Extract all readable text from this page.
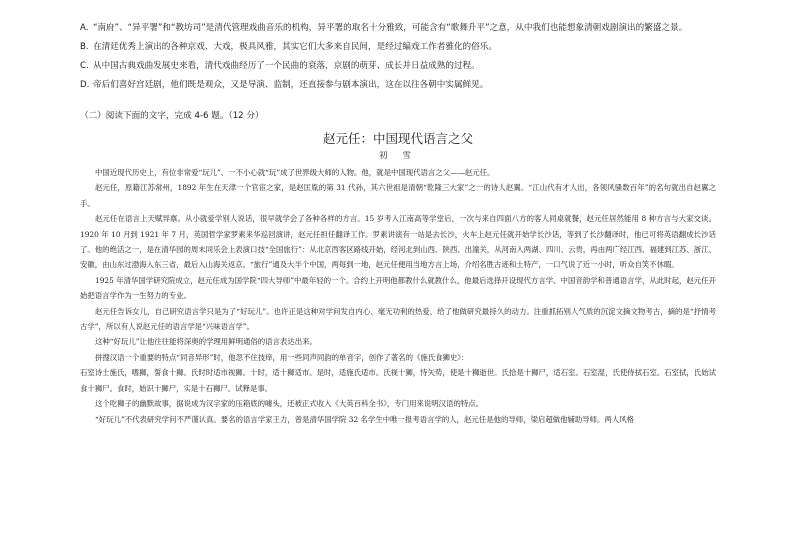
A. “南府”、“异平署”和“教坊司”是清代管理戏曲音乐的机构，异平署的取名十分雅致，可能含有“歌舞升平”之意，从中我们也能想象清朝戏剧演出的繁盛之景。
B. 在清廷优秀上演出的各种京戏、大戏，极具风雅，其实它们大多来自民间，是经过编戏工作者雅化的俗乐。
C. 从中国古典戏曲发展史来看，清代戏曲经历了一个民曲的衰落，京剧的萌芽、成长并日益成熟的过程。
D. 帝后们喜好宫廷剧，他们既是观众，又是导演、监制，还直接参与剧本演出，这在以往各朝中实属鲜见。
（二）阅读下面的文字，完成 4-6 题。（12 分）
赵元任：中国现代语言之父
初 雪

中国近现代历史上，有位非常爱“玩儿”、一不小心就“玩”成了世界级大师的人物。他，就是中国现代语言之父——赵元任。

赵元任，原籍江苏常州，1892 年生在天津一个官宦之家，是赵匡胤的第 31 代孙，其六世祖是清朝“乾隆三大家”之一的诗人赵翼。“江山代有才人出，各领风骚数百年”的名句就出自赵翼之手。

赵元任在语言上天赋异禀。从小就爱学别人说话，很早就学会了各种各样的方言。15 岁考入江南高等学堂后，一次与来自四面八方的客人同桌就餐，赵元任居然能用 8 种方言与大家交谈。1920 年 10 月到 1921 年 7 月，英国哲学家罗素来华巡回演讲，赵元任担任翻译工作。罗素讲演有一站是去长沙，火车上赵元任就开始学长沙话，等到了长沙翻译时，他已可将英语翻成长沙话了。他的绝活之一，是在清华园的周末同乐会上表演口技“全国旅行”：从北京西客区路线开始，经河北到山西、陕西、出潼关，从河南入两湖、四川、云贵，再由两广经江西、福建到江苏、浙江、安徽，由山东过渤海入东三省，最后入山海关返京。“旅行”通及大半个中国，两每到一地，赵元任便用当地方言上场，介绍名胜古迹和土特产，一口气说了近一小时，听众自笑不休暇。

1925 年清华国学研究院成立，赵元任成为国学院“四大导师”中最年轻的一个。合约上开明他都教什么就教什么，他最后选择开设现代方言学、中国音韵学和普通语言学，从此时起，赵元任开始把语言学作为一生努力的专业。

赵元任告诉女儿，自己研究语言学只是为了“好玩儿”。也许正是这种对学问发自内心、毫无功利的热爱，给了他做研究最持久的动力。注重抓拓别人气质的沉淀文摘文物考古，摘的是“抒情考古学”，所以有人说赵元任的语言学是“兴味语言学”。

这种“好玩儿”让他往往能将深奥的学理用鲜明通俗的语言表达出来。

拼搜汉语一个重要的特点“同音异形”时，他忽不住技痒，用一些同声同韵的单音字，创作了著名的《施氏食狮史》：

石室诗士施氏，嗜狮，誓食十狮。氏时时适市视狮。十时，适十狮适市。是时，适施氏适市。氏视十狮，恃矢势，使是十狮逝世。氏拾是十狮尸，适石室。石室湿，氏使侍拭石室。石室拭，氏始试食十狮尸。食时，始识十狮尸，实是十石狮尸。试释是事。

这个吃狮子的幽默故事，据说成为汉字家的压箱底的噱头，还被正式收入《大英百科全书》，专门用来说明汉语的特点。

“好玩儿”不代表研究学问不严谨认真。要名的语言学家王力，曾是清华国学院 32 名学生中唯一报考语言学的人，赵元任是他的导师，梁启超做他辅助导师。两人风格
